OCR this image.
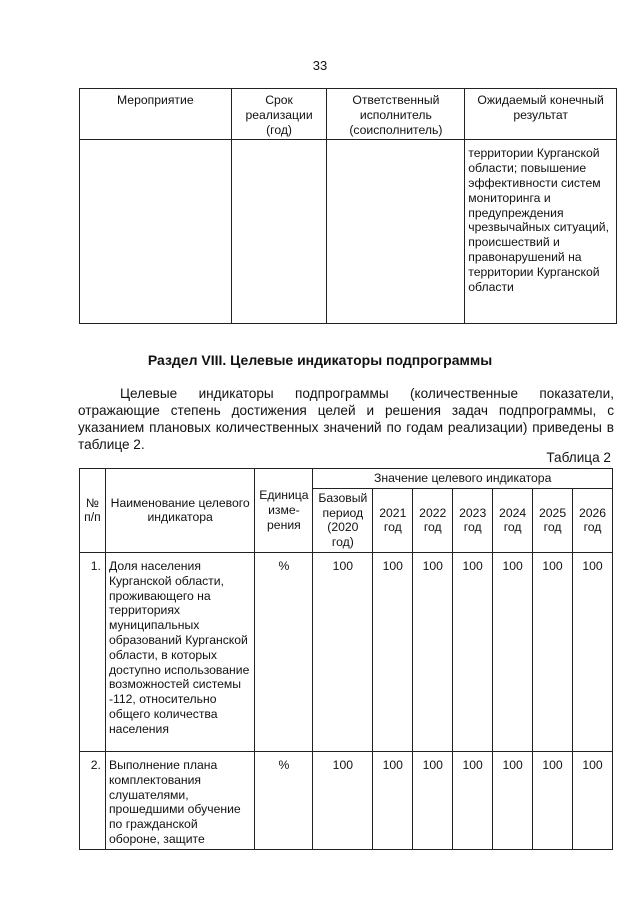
33
Мероприятие	Срок реализации (год)	Ответственный исполнитель (соисполнитель)	Ожидаемый конечный результат
			территории Курганской области; повышение эффективности систем мониторинга и предупреждения чрезвычайных ситуаций, происшествий и правонарушений на территории Курганской области
Раздел VIII. Целевые индикаторы подпрограммы

Целевые индикаторы подпрограммы (количественные показатели, отражающие степень достижения целей и решения задач подпрограммы, с указанием плановых количественных значений по годам реализации) приведены в таблице 2.

Таблица 2
№ п/п	Наименование целевого индикатора	Единица изме-рения	Значение целевого индикатора						
			Базовый период (2020 год)	2021 год	2022 год	2023 год	2024 год	2025 год	2026 год
1.	Доля населения Курганской области, проживающего на территориях муниципальных образований Курганской области, в которых доступно использование возможностей системы -112, относительно общего количества населения	%	100	100	100	100	100	100	100
2.	Выполнение плана комплектования слушателями, прошедшими обучение по гражданской обороне, защите	%	100	100	100	100	100	100	100
